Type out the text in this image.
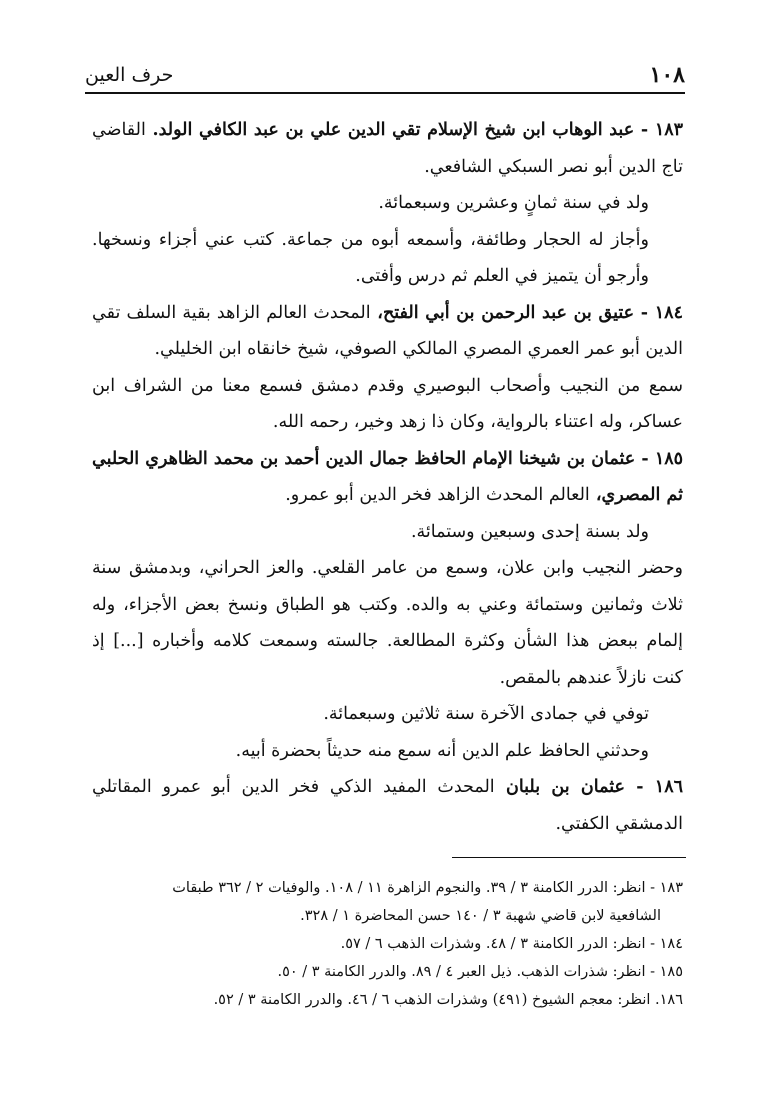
١٠٨
حرف العين

١٨٣ - عبد الوهاب ابن شيخ الإسلام تقي الدين علي بن عبد الكافي الولد. القاضي تاج الدين أبو نصر السبكي الشافعي.

ولد في سنة ثمانٍ وعشرين وسبعمائة.

وأجاز له الحجار وطائفة، وأسمعه أبوه من جماعة. كتب عني أجزاء ونسخها. وأرجو أن يتميز في العلم ثم درس وأفتى.

١٨٤ - عتيق بن عبد الرحمن بن أبي الفتح، المحدث العالم الزاهد بقية السلف تقي الدين أبو عمر العمري المصري المالكي الصوفي، شيخ خانقاه ابن الخليلي.

سمع من النجيب وأصحاب البوصيري وقدم دمشق فسمع معنا من الشراف ابن عساكر، وله اعتناء بالرواية، وكان ذا زهد وخير، رحمه الله.

١٨٥ - عثمان بن شيخنا الإمام الحافظ جمال الدين أحمد بن محمد الظاهري الحلبي ثم المصري، العالم المحدث الزاهد فخر الدين أبو عمرو.

ولد بسنة إحدى وسبعين وستمائة.

وحضر النجيب وابن علان، وسمع من عامر القلعي. والعز الحراني، وبدمشق سنة ثلاث وثمانين وستمائة وعني به والده. وكتب هو الطباق ونسخ بعض الأجزاء، وله إلمام ببعض هذا الشأن وكثرة المطالعة. جالسته وسمعت كلامه وأخباره [...] إذ كنت نازلاً عندهم بالمقص.

توفي في جمادى الآخرة سنة ثلاثين وسبعمائة.

وحدثني الحافظ علم الدين أنه سمع منه حديثاً بحضرة أبيه.

١٨٦ - عثمان بن بلبان المحدث المفيد الذكي فخر الدين أبو عمرو المقاتلي الدمشقي الكفتي.

١٨٣ - انظر: الدرر الكامنة ٣ / ٣٩. والنجوم الزاهرة ١١ / ١٠٨. والوفيات ٢ / ٣٦٢ طبقات

الشافعية لابن قاضي شهبة ٣ / ١٤٠ حسن المحاضرة ١ / ٣٢٨.

١٨٤ - انظر: الدرر الكامنة ٣ / ٤٨. وشذرات الذهب ٦ / ٥٧.

١٨٥ - انظر: شذرات الذهب. ذيل العبر ٤ / ٨٩. والدرر الكامنة ٣ / ٥٠.

١٨٦. انظر: معجم الشيوخ (٤٩١) وشذرات الذهب ٦ / ٤٦. والدرر الكامنة ٣ / ٥٢.
